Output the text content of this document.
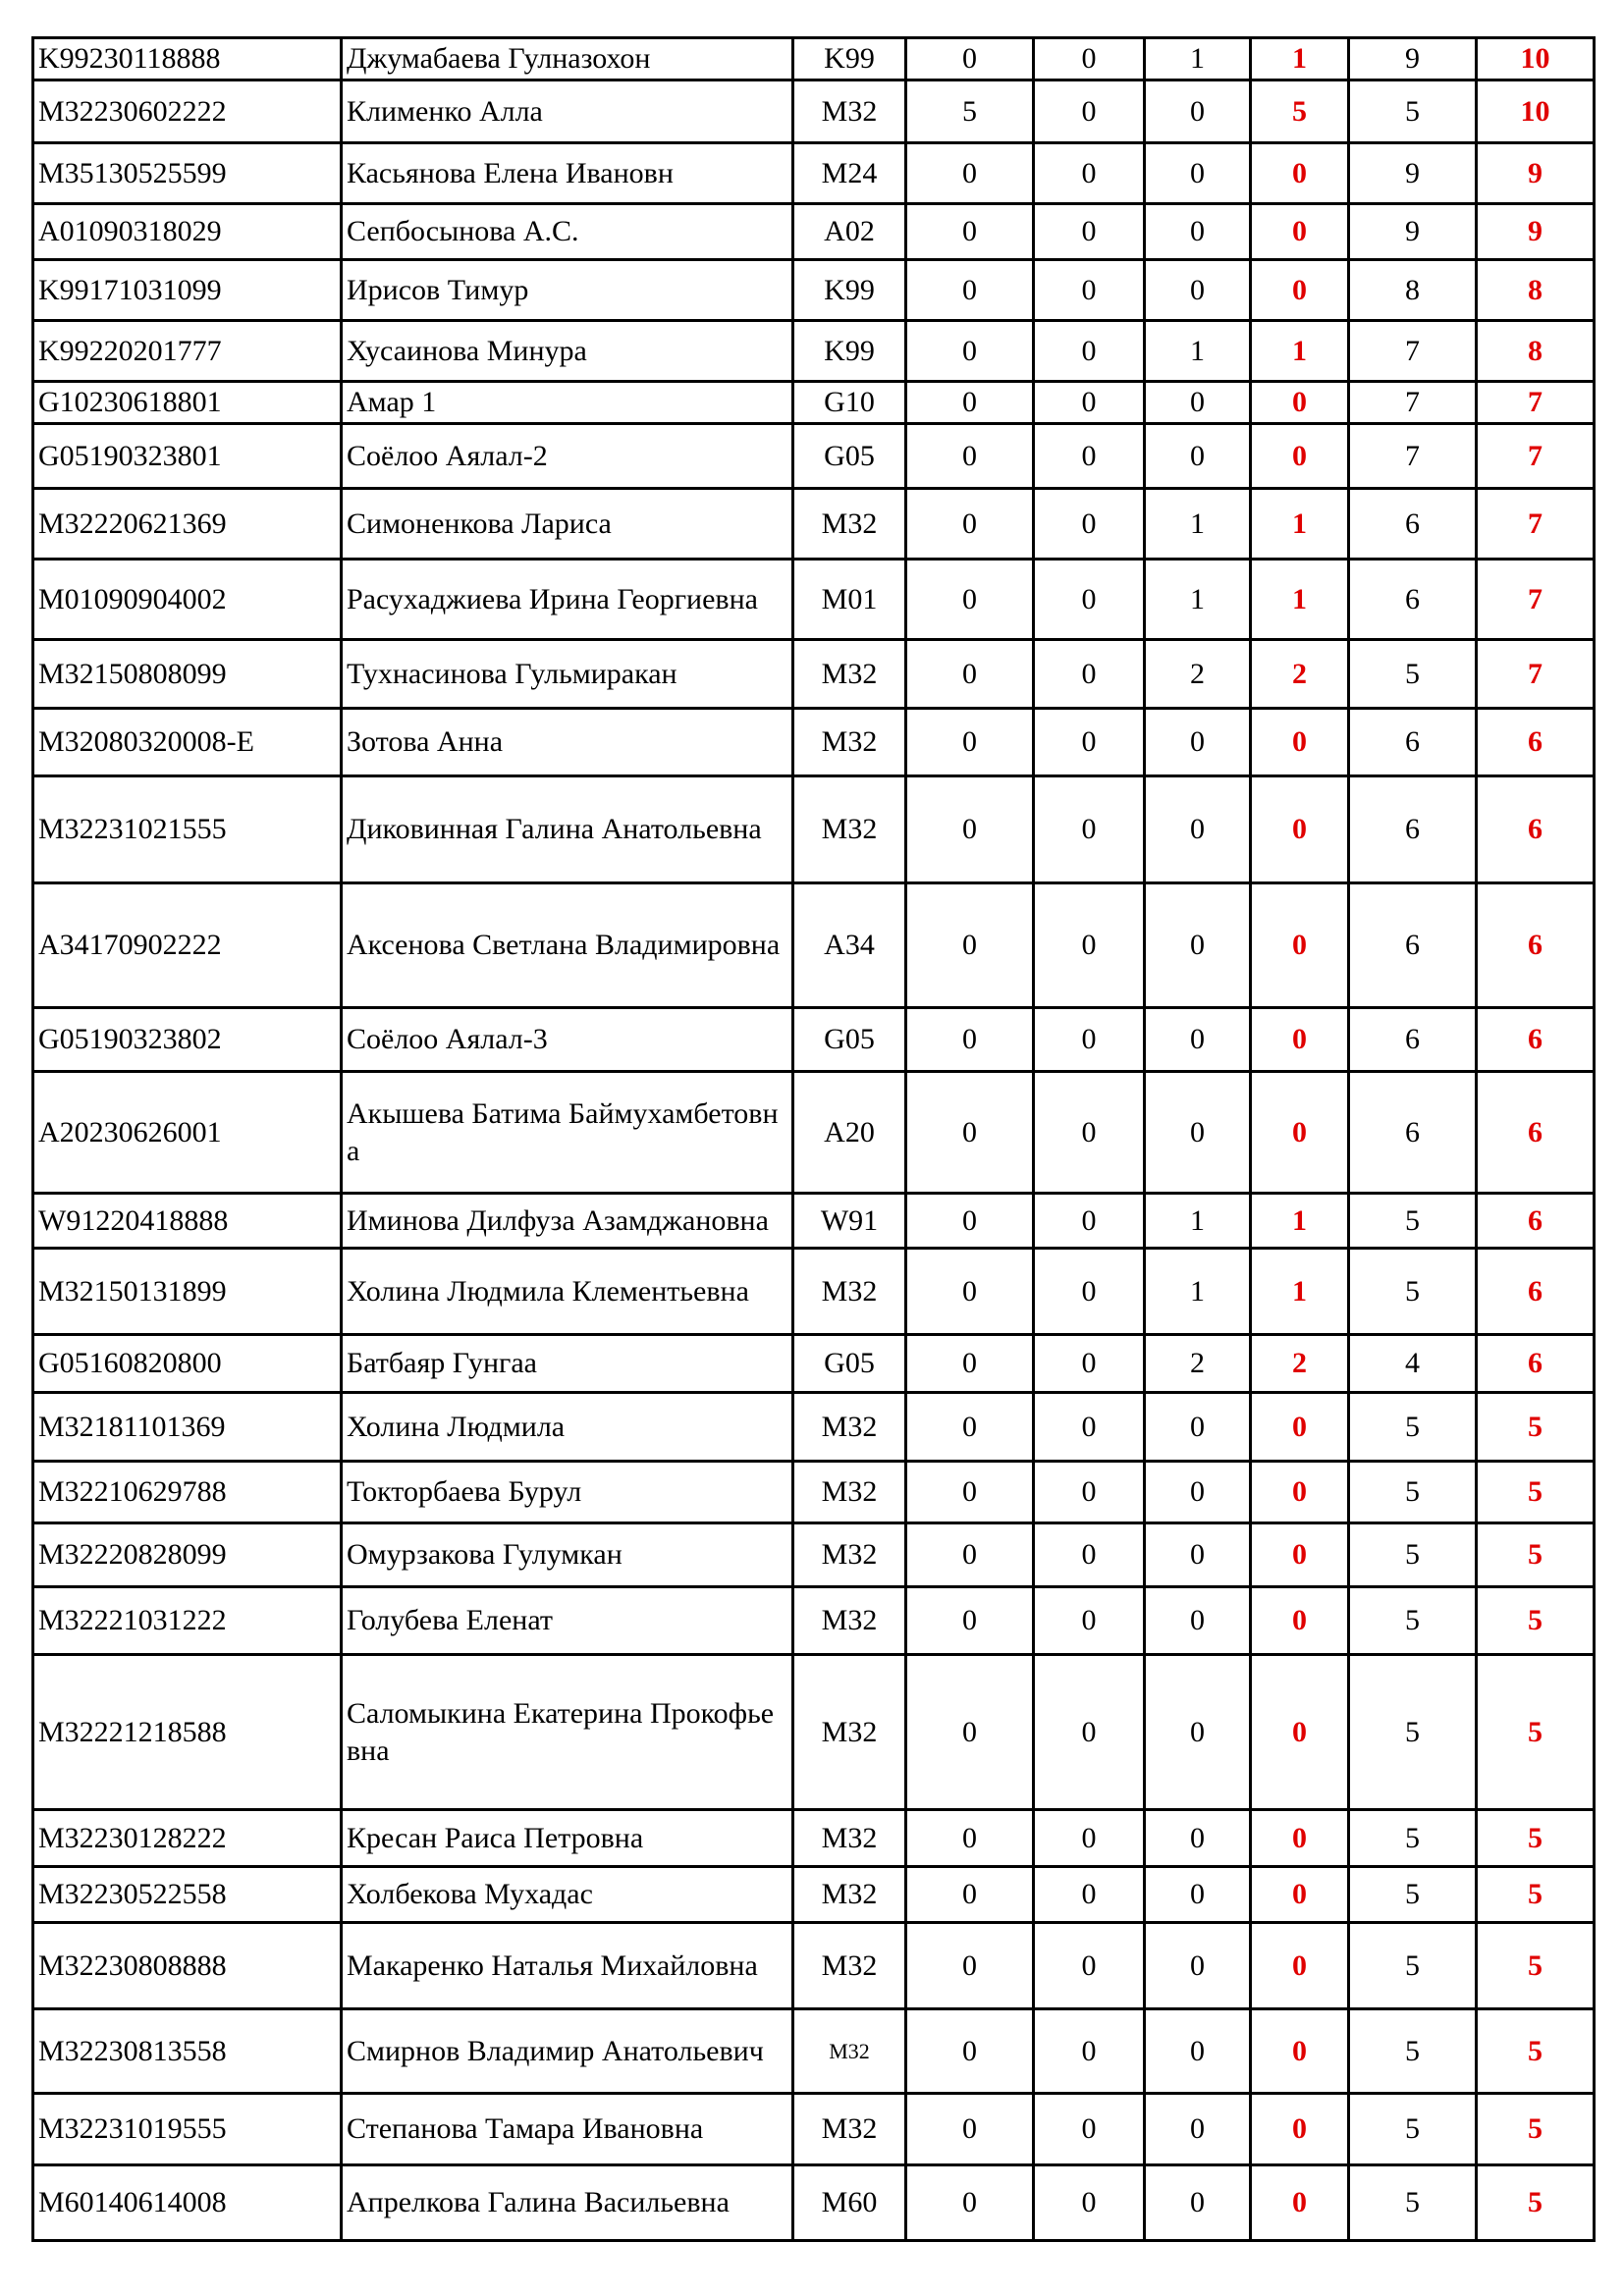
K99230118888	Джумабаева Гулназохон	K99	0	0	1	1	9	10
M32230602222	Клименко Алла	M32	5	0	0	5	5	10
M35130525599	Касьянова Елена Ивановн	M24	0	0	0	0	9	9
A01090318029	Сепбосынова А.С.	A02	0	0	0	0	9	9
K99171031099	Ирисов Тимур	K99	0	0	0	0	8	8
K99220201777	Хусаинова Минура	K99	0	0	1	1	7	8
G10230618801	Амар 1	G10	0	0	0	0	7	7
G05190323801	Соёлоо Аялал-2	G05	0	0	0	0	7	7
M32220621369	Симоненкова Лариса	M32	0	0	1	1	6	7
M01090904002	Расухаджиева Ирина Георгиевна	M01	0	0	1	1	6	7
M32150808099	Тухнасинова Гульмиракан	M32	0	0	2	2	5	7
M32080320008-E	Зотова Анна	M32	0	0	0	0	6	6
M32231021555	Диковинная Галина Анатольевна	M32	0	0	0	0	6	6
A34170902222	Аксенова Светлана Владимировна	A34	0	0	0	0	6	6
G05190323802	Соёлоо Аялал-3	G05	0	0	0	0	6	6
A20230626001	Акышева Батима Баймухамбетовна	A20	0	0	0	0	6	6
W91220418888	Иминова Дилфуза Азамджановна	W91	0	0	1	1	5	6
M32150131899	Холина Людмила Клементьевна	M32	0	0	1	1	5	6
G05160820800	Батбаяр Гунгаа	G05	0	0	2	2	4	6
M32181101369	Холина Людмила	M32	0	0	0	0	5	5
M32210629788	Токторбаева Бурул	M32	0	0	0	0	5	5
M32220828099	Омурзакова Гулумкан	M32	0	0	0	0	5	5
M32221031222	Голубева Еленат	M32	0	0	0	0	5	5
M32221218588	Саломыкина Екатерина Прокофьевна	M32	0	0	0	0	5	5
M32230128222	Кресан Раиса Петровна	M32	0	0	0	0	5	5
M32230522558	Холбекова Мухадас	M32	0	0	0	0	5	5
M32230808888	Макаренко Наталья Михайловна	M32	0	0	0	0	5	5
M32230813558	Смирнов Владимир Анатольевич	M32	0	0	0	0	5	5
M32231019555	Степанова Тамара Ивановна	M32	0	0	0	0	5	5
M60140614008	Апрелкова Галина Васильевна	M60	0	0	0	0	5	5
